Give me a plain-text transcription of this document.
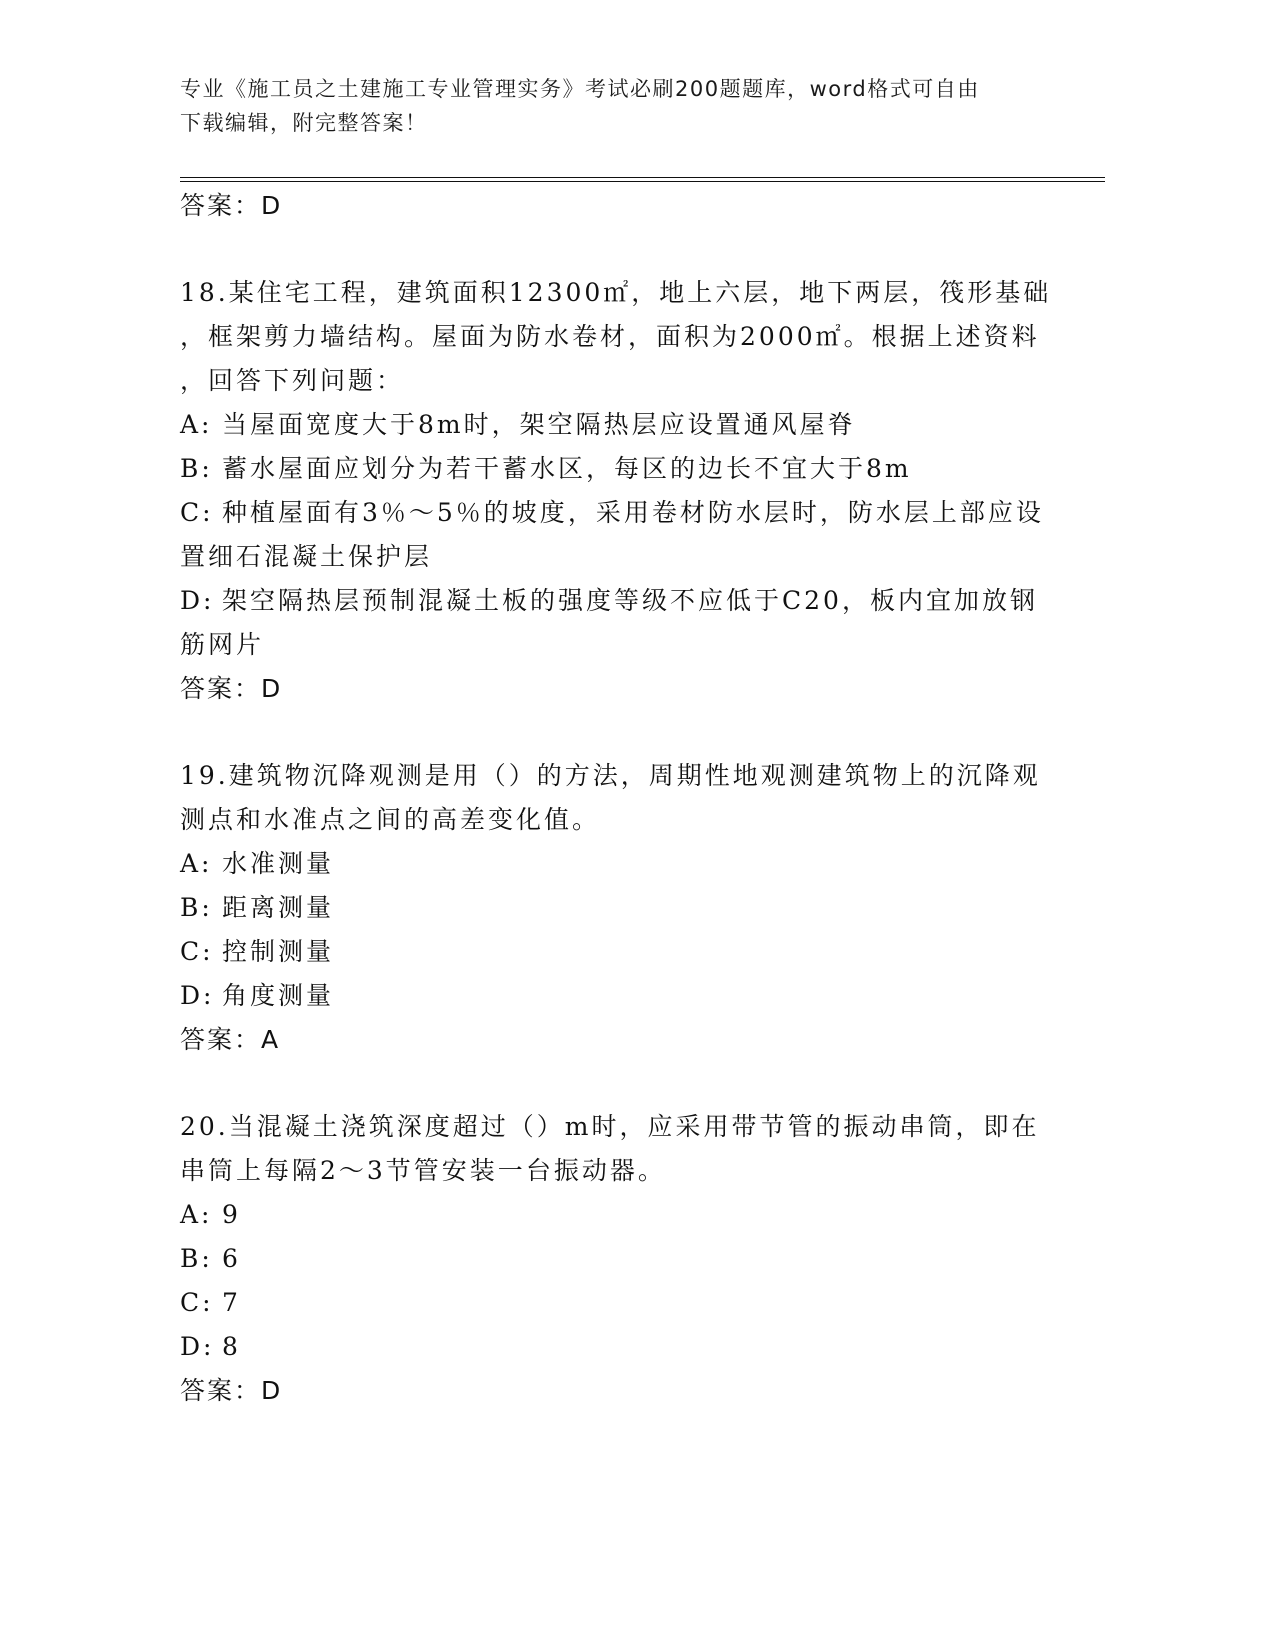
专业《施工员之土建施工专业管理实务》考试必刷200题题库，word格式可自由
下载编辑，附完整答案！
答案：D
18.某住宅工程，建筑面积12300㎡，地上六层，地下两层，筏形基础
，框架剪力墙结构。屋面为防水卷材，面积为2000㎡。根据上述资料
，回答下列问题：
A: 当屋面宽度大于8m时，架空隔热层应设置通风屋脊
B: 蓄水屋面应划分为若干蓄水区，每区的边长不宜大于8m
C: 种植屋面有3％～5％的坡度，采用卷材防水层时，防水层上部应设
置细石混凝土保护层
D: 架空隔热层预制混凝土板的强度等级不应低于C20，板内宜加放钢
筋网片
答案：D
19.建筑物沉降观测是用（）的方法，周期性地观测建筑物上的沉降观
测点和水准点之间的高差变化值。
A: 水准测量
B: 距离测量
C: 控制测量
D: 角度测量
答案：A
20.当混凝土浇筑深度超过（）m时，应采用带节管的振动串筒，即在
串筒上每隔2～3节管安装一台振动器。
A: 9
B: 6
C: 7
D: 8
答案：D
